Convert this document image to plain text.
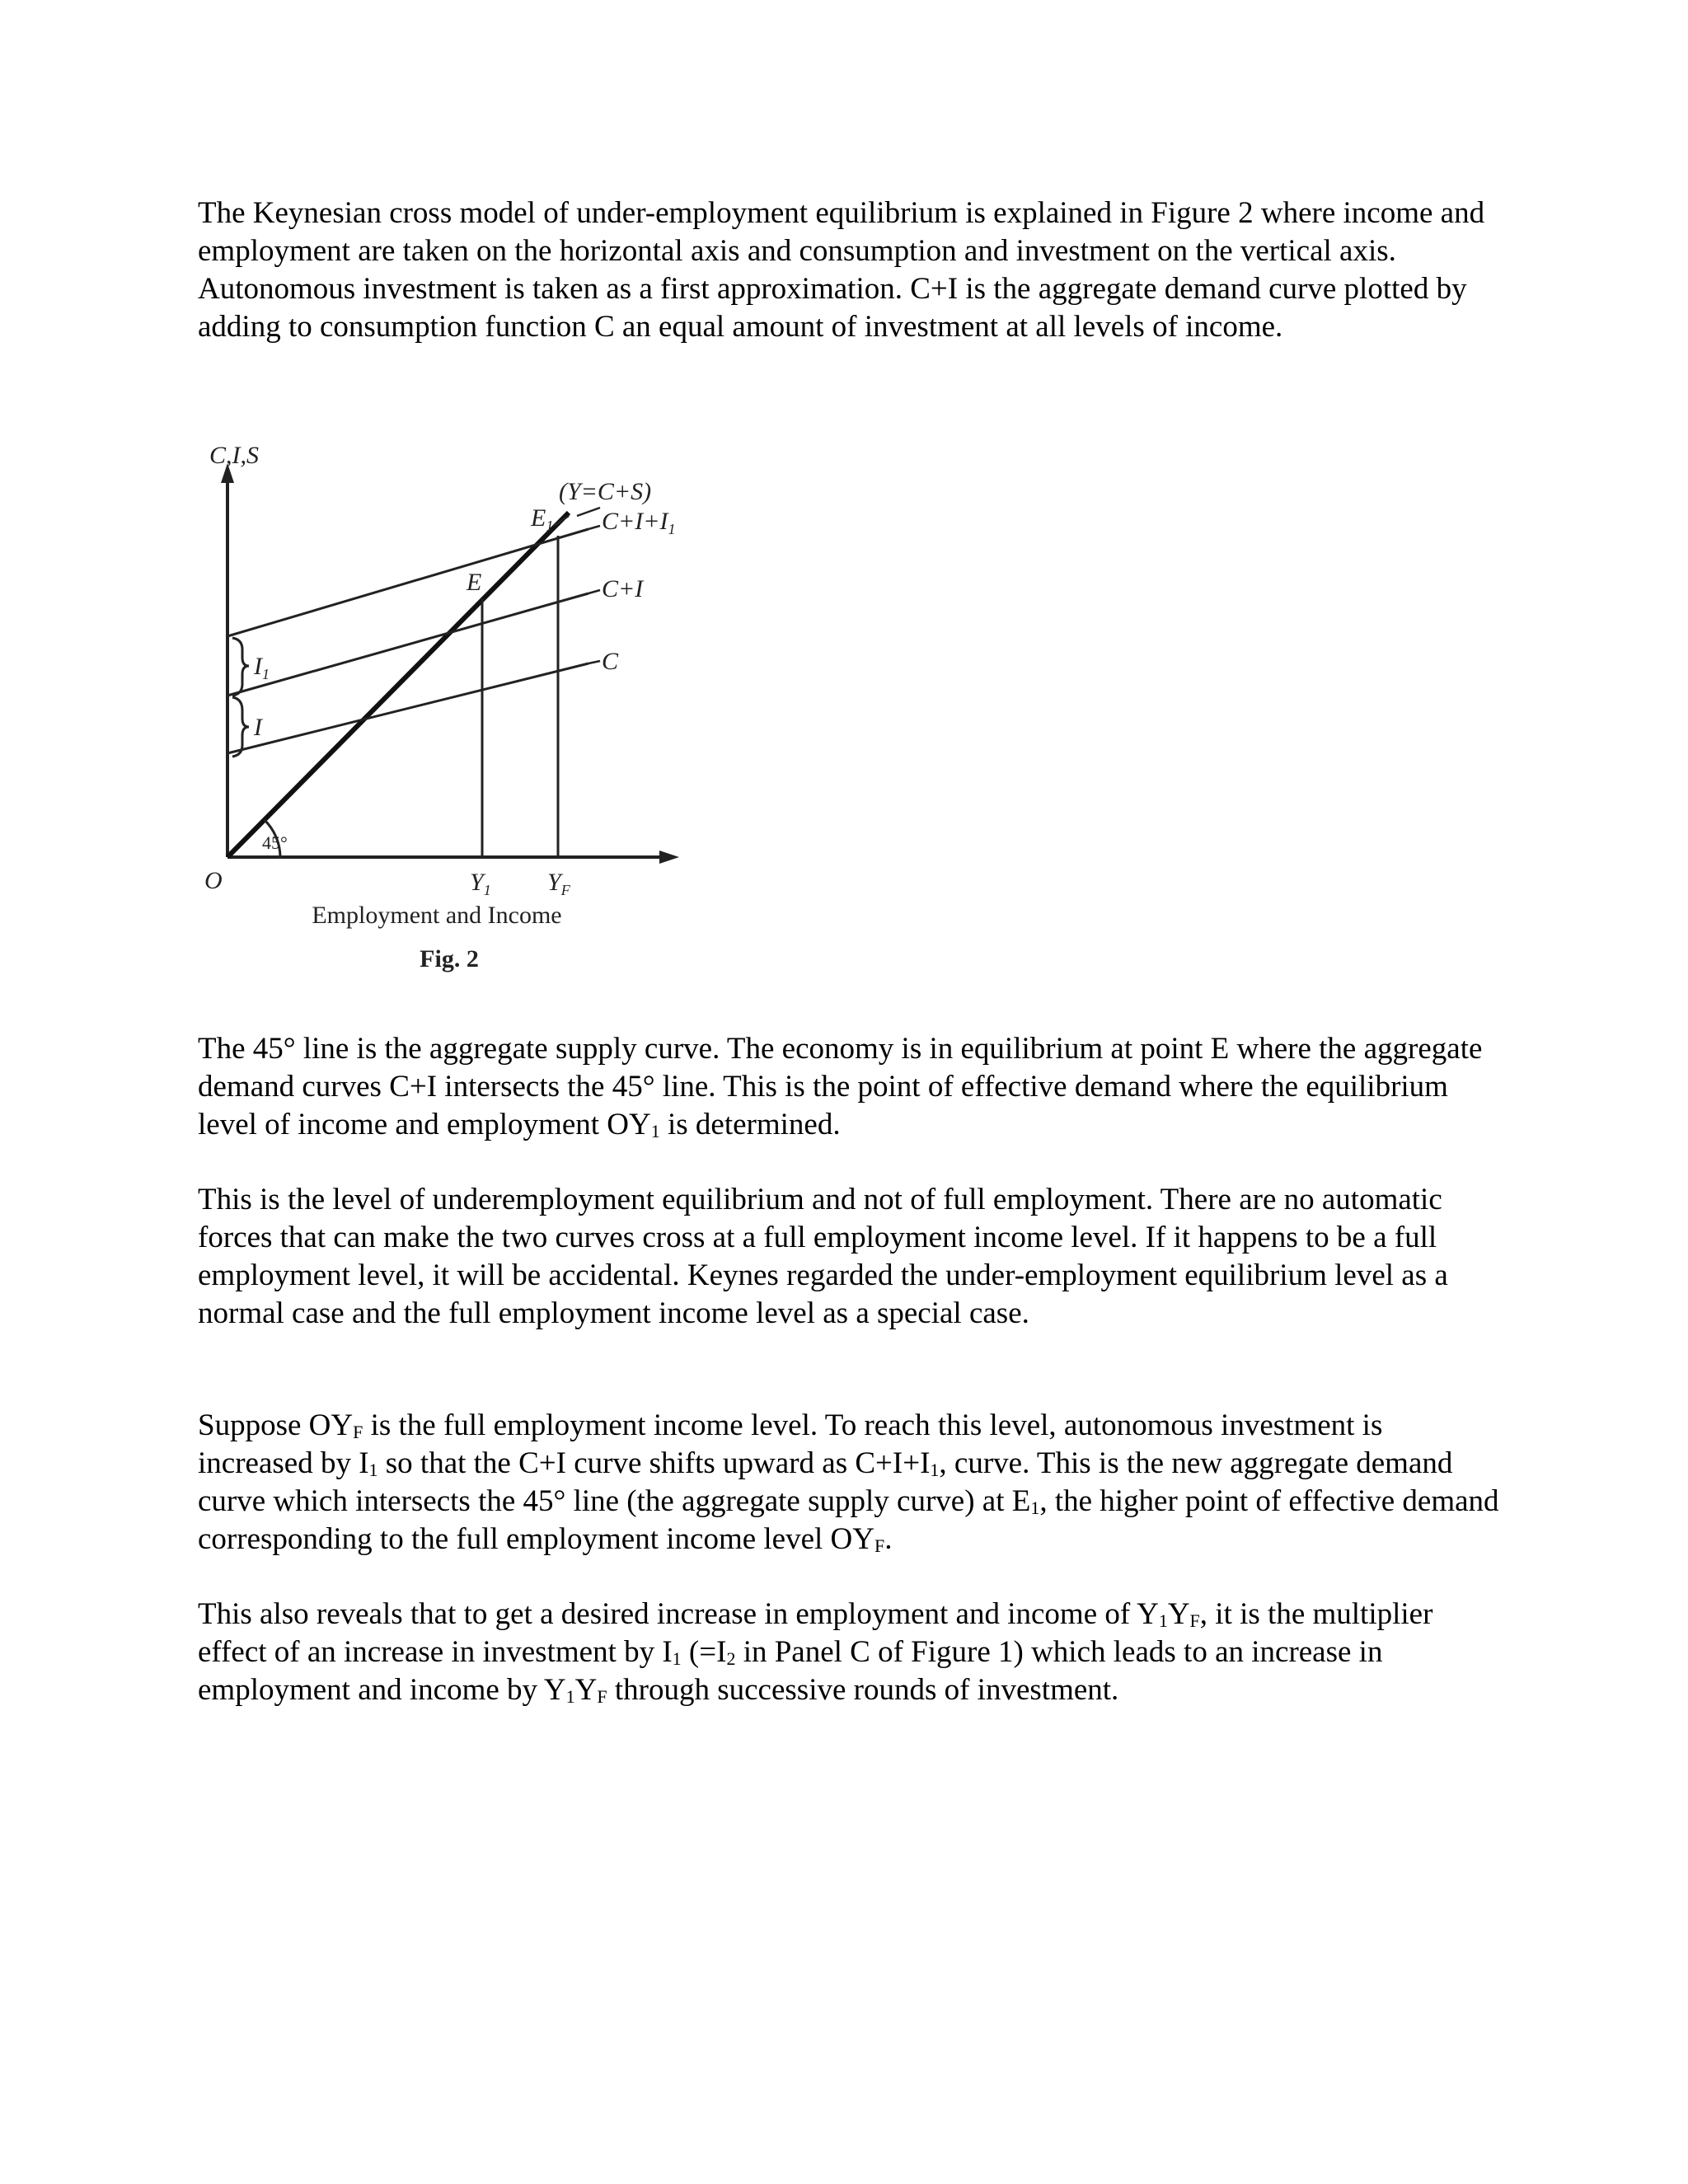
The Keynesian cross model of under-employment equilibrium is explained in Figure 2 where income and employment are taken on the horizontal axis and consumption and investment on the vertical axis. Autonomous investment is taken as a first approximation. C+I is the aggregate demand curve plotted by adding to consumption function C an equal amount of investment at all levels of income.

C,I,S
O
45°
(Y=C+S)
$E_1$
E
$C+I+I_1$
C+I
C
$I_1$
I
$Y_1$ $Y_F$
Employment and Income
Fig. 2

The 45° line is the aggregate supply curve. The economy is in equilibrium at point E where the aggregate demand curves C+I intersects the 45° line. This is the point of effective demand where the equilibrium level of income and employment $OY_1$ is determined.

This is the level of underemployment equilibrium and not of full employment. There are no automatic forces that can make the two curves cross at a full employment income level. If it happens to be a full employment level, it will be accidental. Keynes regarded the under-employment equilibrium level as a normal case and the full employment income level as a special case.

Suppose $OY_F$ is the full employment income level. To reach this level, autonomous investment is increased by $I_1$ so that the C+I curve shifts upward as $C+I+I_1$, curve. This is the new aggregate demand curve which intersects the 45° line (the aggregate supply curve) at $E_1$, the higher point of effective demand corresponding to the full employment income level $OY_F$.

This also reveals that to get a desired increase in employment and income of $Y_1Y_F$, it is the multiplier effect of an increase in investment by $I_1$ ($=I_2$ in Panel C of Figure 1) which leads to an increase in employment and income by $Y_1Y_F$ through successive rounds of investment.
